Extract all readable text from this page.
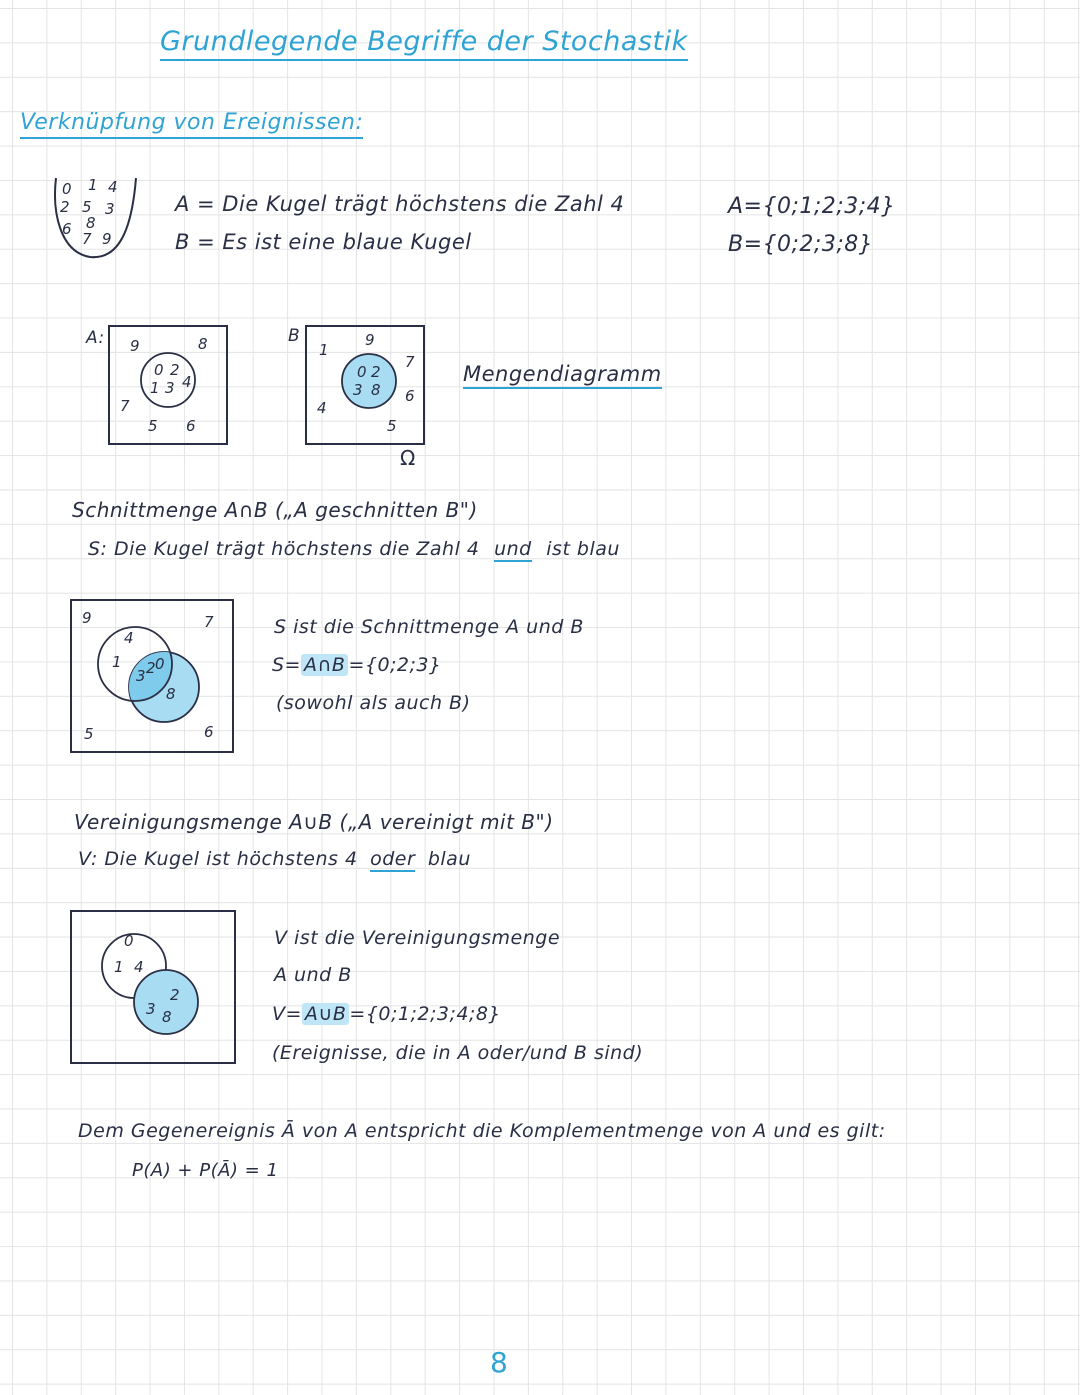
Grundlegende Begriffe der Stochastik
Verknüpfung von Ereignissen:
0 1 4
2 5 3
8
6
7 9
A = Die Kugel trägt höchstens die Zahl 4
B = Es ist eine blaue Kugel
A={0;1;2;3;4}
B={0;2;3;8}
A: 9	8
0 2
1 3 4
7
5 6
B	9
1
7
0 2
3 8 6
4
5
Ω
Mengendiagramm
Schnittmenge A∩B („A geschnitten B")
S: Die Kugel trägt höchstens die Zahl 4 und ist blau
9	7
4
1
3 2 0
8
5	6
S ist die Schnittmenge A und B
S= A∩B ={0;2;3}
(sowohl als auch B)
Vereinigungsmenge A∪B („A vereinigt mit B")
V: Die Kugel ist höchstens 4 oder blau
0
1 4
2
3 8
V ist die Vereinigungsmenge
A und B
V= A∪B ={0;1;2;3;4;8}
(Ereignisse, die in A oder/und B sind)
Dem Gegenereignis Ā von A entspricht die Komplementmenge von A und es gilt:
P(A) + P(Ā) = 1
8
